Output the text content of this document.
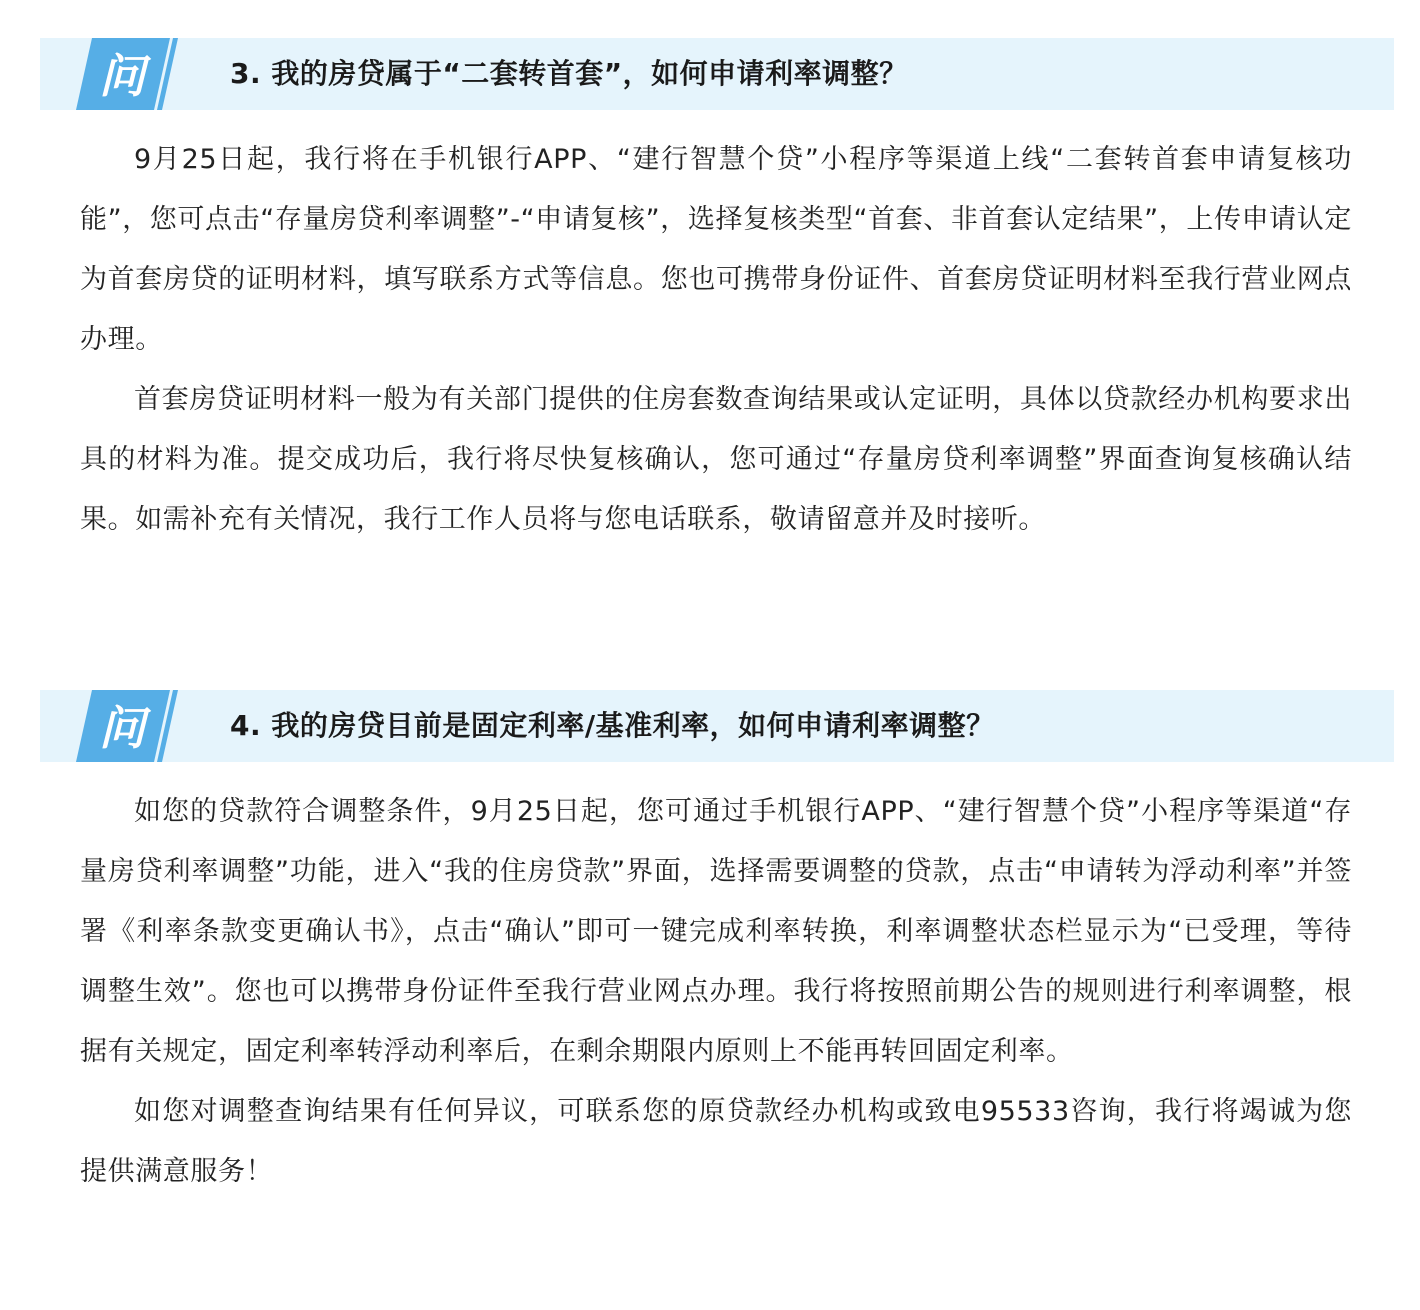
问	3. 我的房贷属于“二套转首套”，如何申请利率调整？

9月25日起，我行将在手机银行APP、“建行智慧个贷”小程序等渠道上线“二套转首套申请复核功能”，您可点击“存量房贷利率调整”-“申请复核”，选择复核类型“首套、非首套认定结果”，上传申请认定为首套房贷的证明材料，填写联系方式等信息。您也可携带身份证件、首套房贷证明材料至我行营业网点办理。

首套房贷证明材料一般为有关部门提供的住房套数查询结果或认定证明，具体以贷款经办机构要求出具的材料为准。提交成功后，我行将尽快复核确认，您可通过“存量房贷利率调整”界面查询复核确认结果。如需补充有关情况，我行工作人员将与您电话联系，敬请留意并及时接听。

问	4. 我的房贷目前是固定利率/基准利率，如何申请利率调整？

如您的贷款符合调整条件，9月25日起，您可通过手机银行APP、“建行智慧个贷”小程序等渠道“存量房贷利率调整”功能，进入“我的住房贷款”界面，选择需要调整的贷款，点击“申请转为浮动利率”并签署《利率条款变更确认书》，点击“确认”即可一键完成利率转换，利率调整状态栏显示为“已受理，等待调整生效”。您也可以携带身份证件至我行营业网点办理。我行将按照前期公告的规则进行利率调整，根据有关规定，固定利率转浮动利率后，在剩余期限内原则上不能再转回固定利率。

如您对调整查询结果有任何异议，可联系您的原贷款经办机构或致电95533咨询，我行将竭诚为您提供满意服务！
